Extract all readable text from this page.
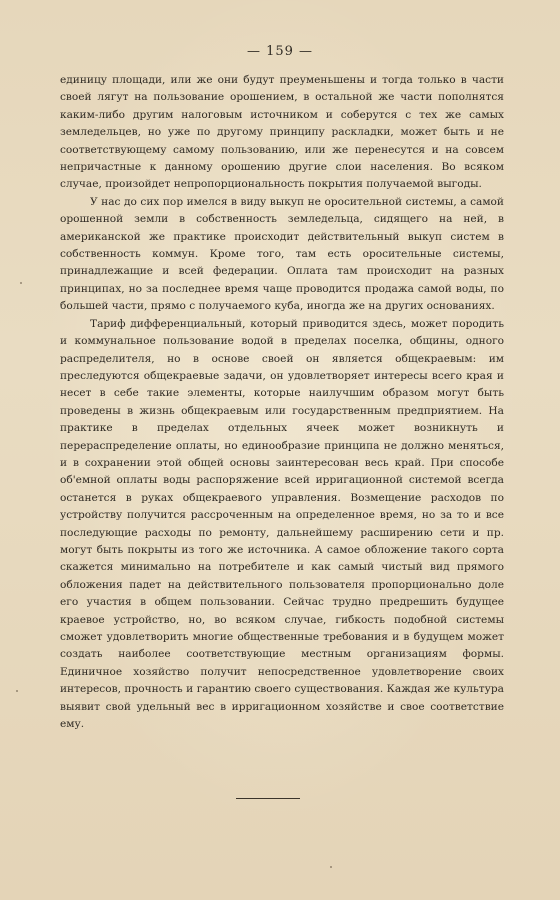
— 159 —

единицу площади, или же они будут преуменьшены и тогда только в части своей лягут на пользование орошением, в остальной же части пополнятся каким-либо другим налоговым источником и соберутся с тех же самых земледельцев, но уже по другому принципу раскладки, может быть и не соответствующему самому пользованию, или же перенесутся и на совсем непричастные к данному орошению другие слои населения. Во всяком случае, произойдет непропорциональность покрытия получаемой выгоды.

У нас до сих пор имелся в виду выкуп не оросительной системы, а самой орошенной земли в собственность земледельца, сидящего на ней, в американской же практике происходит действительный выкуп систем в собственность коммун. Кроме того, там есть оросительные системы, принадлежащие и всей федерации. Оплата там происходит на разных принципах, но за последнее время чаще проводится продажа самой воды, по большей части, прямо с получаемого куба, иногда же на других основаниях.

Тариф дифференциальный, который приводится здесь, может породить и коммунальное пользование водой в пределах поселка, общины, одного распределителя, но в основе своей он является общекраевым: им преследуются общекраевые задачи, он удовлетворяет интересы всего края и несет в себе такие элементы, которые наилучшим образом могут быть проведены в жизнь общекраевым или государственным предприятием. На практике в пределах отдельных ячеек может возникнуть и перераспределение оплаты, но единообразие принципа не должно меняться, и в сохранении этой общей основы заинтересован весь край. При способе об'емной оплаты воды распоряжение всей ирригационной системой всегда останется в руках общекраевого управления. Возмещение расходов по устройству получится рассроченным на определенное время, но за то и все последующие расходы по ремонту, дальнейшему расширению сети и пр. могут быть покрыты из того же источника. А самое обложение такого сорта скажется минимально на потребителе и как самый чистый вид прямого обложения падет на действительного пользователя пропорционально доле его участия в общем пользовании. Сейчас трудно предрешить будущее краевое устройство, но, во всяком случае, гибкость подобной системы сможет удовлетворить многие общественные требования и в будущем может создать наиболее соответствующие местным организациям формы. Единичное хозяйство получит непосредственное удовлетворение своих интересов, прочность и гарантию своего существования. Каждая же культура выявит свой удельный вес в ирригационном хозяйстве и свое соответствие ему.
